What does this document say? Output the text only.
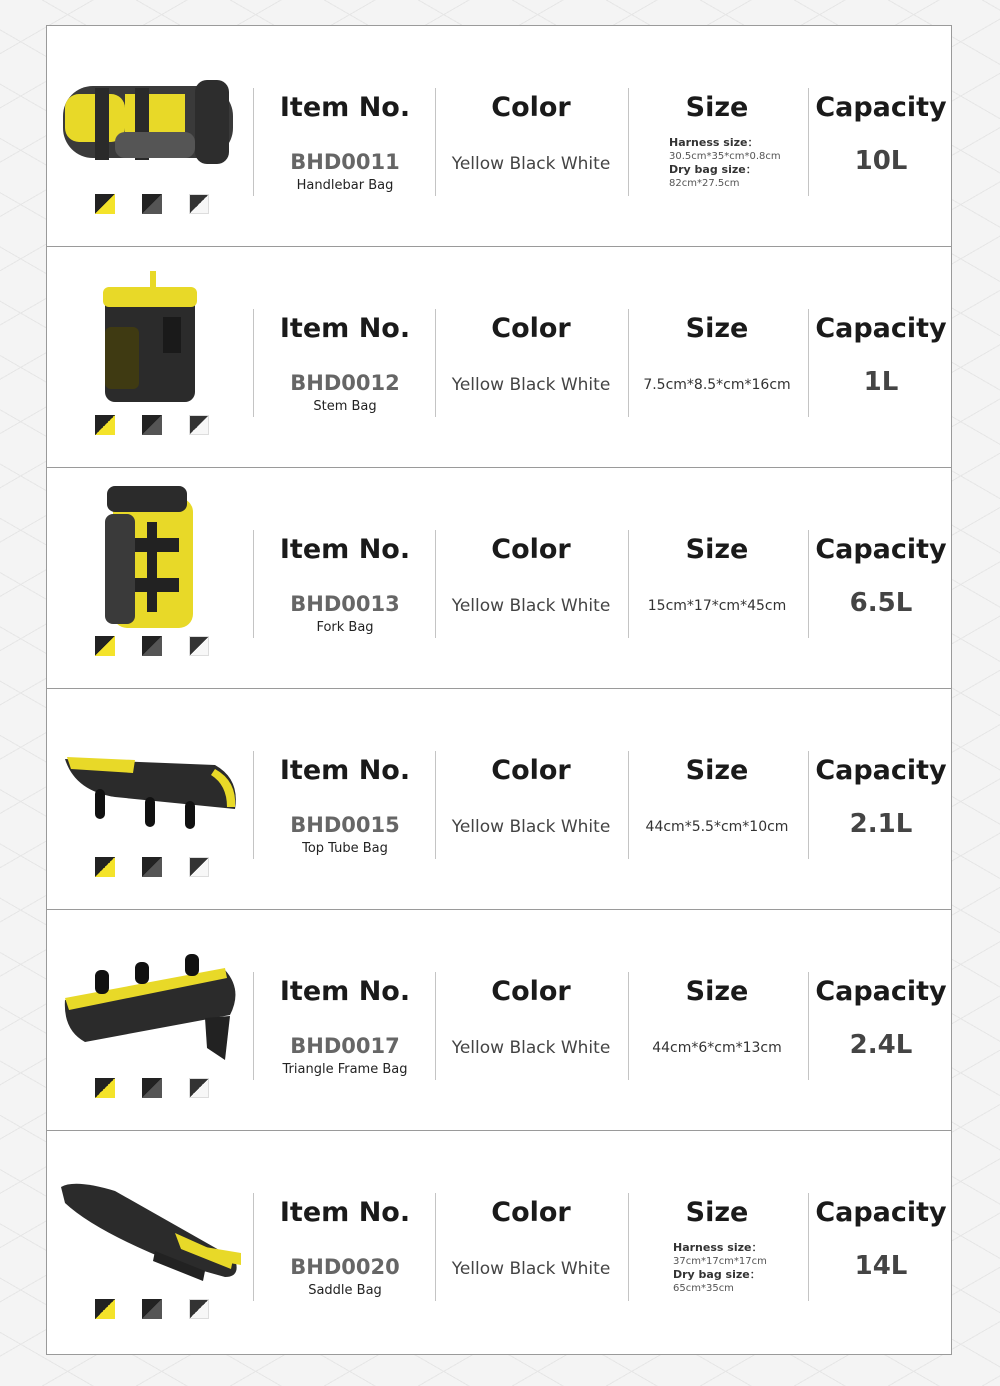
Item No.
BHD0011
Handlebar Bag
Color
Yellow Black White
Size
Harness size：
30.5cm*35*cm*0.8cm
Dry bag size：
82cm*27.5cm
Capacity
10L
Item No.
BHD0012
Stem Bag
Color
Yellow Black White
Size
7.5cm*8.5*cm*16cm
Capacity
1L
Item No.
BHD0013
Fork Bag
Color
Yellow Black White
Size
15cm*17*cm*45cm
Capacity
6.5L
Item No.
BHD0015
Top Tube Bag
Color
Yellow Black White
Size
44cm*5.5*cm*10cm
Capacity
2.1L
Item No.
BHD0017
Triangle Frame Bag
Color
Yellow Black White
Size
44cm*6*cm*13cm
Capacity
2.4L
Item No.
BHD0020
Saddle Bag
Color
Yellow Black White
Size
Harness size：
37cm*17cm*17cm
Dry bag size：
65cm*35cm
Capacity
14L
